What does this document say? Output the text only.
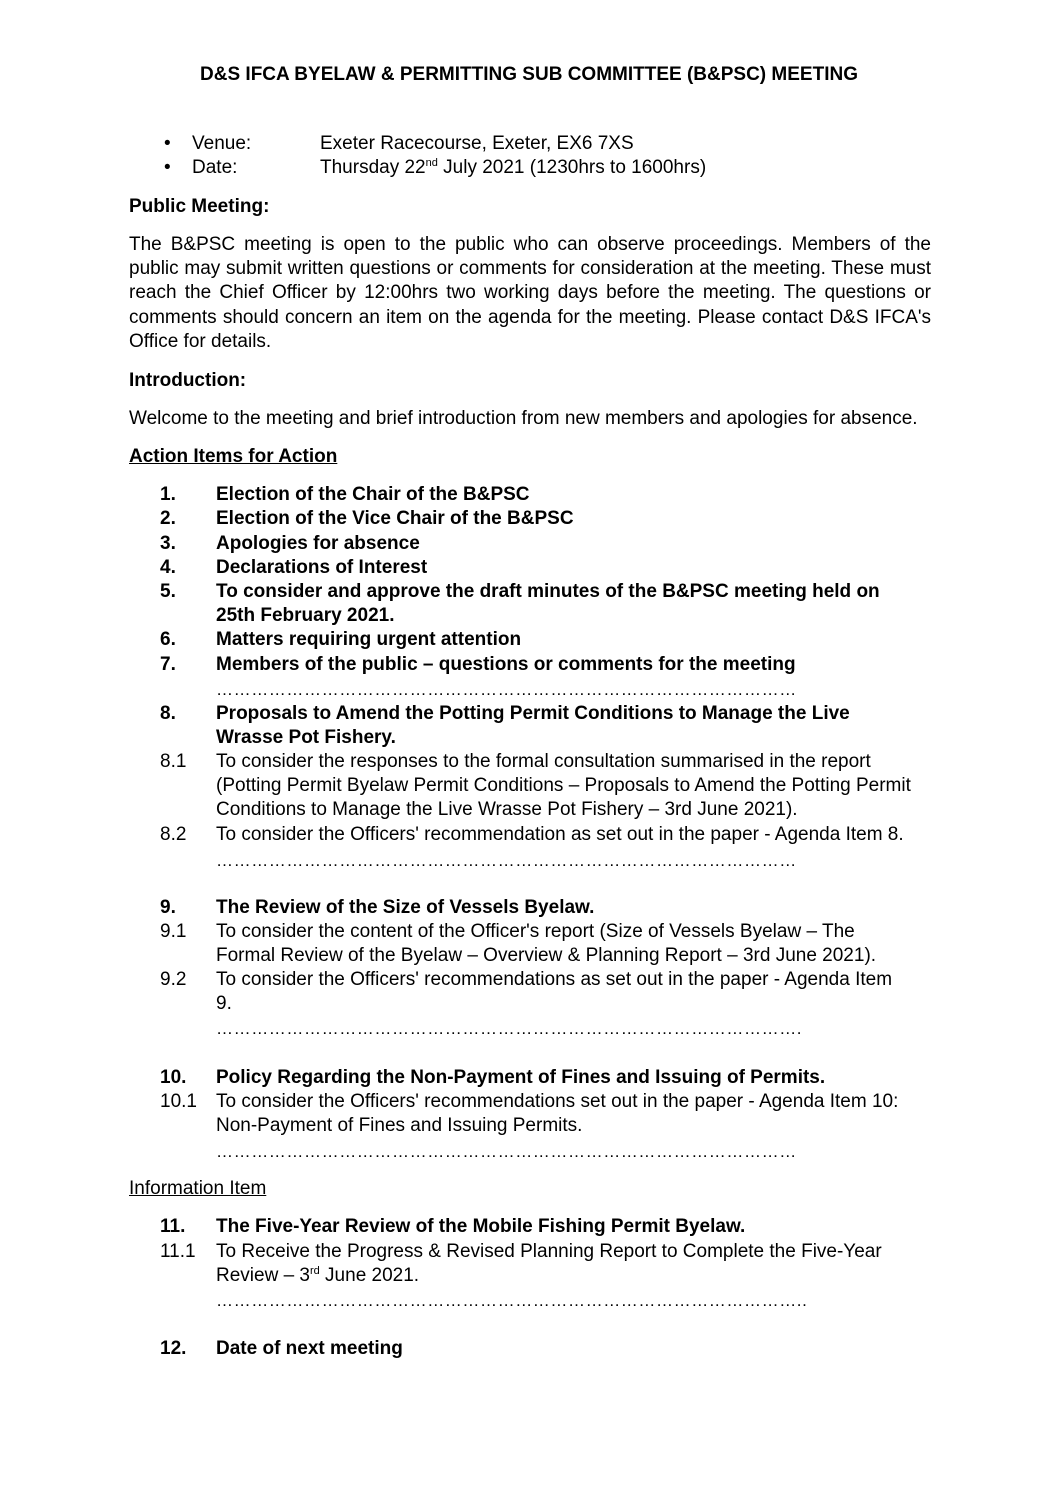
D&S IFCA BYELAW & PERMITTING SUB COMMITTEE (B&PSC) MEETING
• Venue:	Exeter Racecourse, Exeter, EX6 7XS
• Date:	Thursday 22nd July 2021 (1230hrs to 1600hrs)
Public Meeting:
The B&PSC meeting is open to the public who can observe proceedings. Members of the public may submit written questions or comments for consideration at the meeting. These must reach the Chief Officer by 12:00hrs two working days before the meeting. The questions or comments should concern an item on the agenda for the meeting. Please contact D&S IFCA's Office for details.
Introduction:
Welcome to the meeting and brief introduction from new members and apologies for absence.
Action Items for Action
1. Election of the Chair of the B&PSC
2. Election of the Vice Chair of the B&PSC
3. Apologies for absence
4. Declarations of Interest
5. To consider and approve the draft minutes of the B&PSC meeting held on
25th February 2021.
6. Matters requiring urgent attention
7. Members of the public – questions or comments for the meeting
………………………………………………………………………………………
8. Proposals to Amend the Potting Permit Conditions to Manage the Live
Wrasse Pot Fishery.
8.1 To consider the responses to the formal consultation summarised in the report
(Potting Permit Byelaw Permit Conditions – Proposals to Amend the Potting Permit
Conditions to Manage the Live Wrasse Pot Fishery – 3rd June 2021).
8.2 To consider the Officers' recommendation as set out in the paper - Agenda Item 8.
………………………………………………………………………………………
9. The Review of the Size of Vessels Byelaw.
9.1 To consider the content of the Officer's report (Size of Vessels Byelaw – The
Formal Review of the Byelaw – Overview & Planning Report – 3rd June 2021).
9.2 To consider the Officers' recommendations as set out in the paper - Agenda Item
9.
……………………………………………………………………………………….
10. Policy Regarding the Non-Payment of Fines and Issuing of Permits.
10.1 To consider the Officers' recommendations set out in the paper - Agenda Item 10:
Non-Payment of Fines and Issuing Permits.
………………………………………………………………………………………
Information Item
11. The Five-Year Review of the Mobile Fishing Permit Byelaw.
11.1 To Receive the Progress & Revised Planning Report to Complete the Five-Year
Review – 3rd June 2021.
………………………………………………………………………………………..
12. Date of next meeting
